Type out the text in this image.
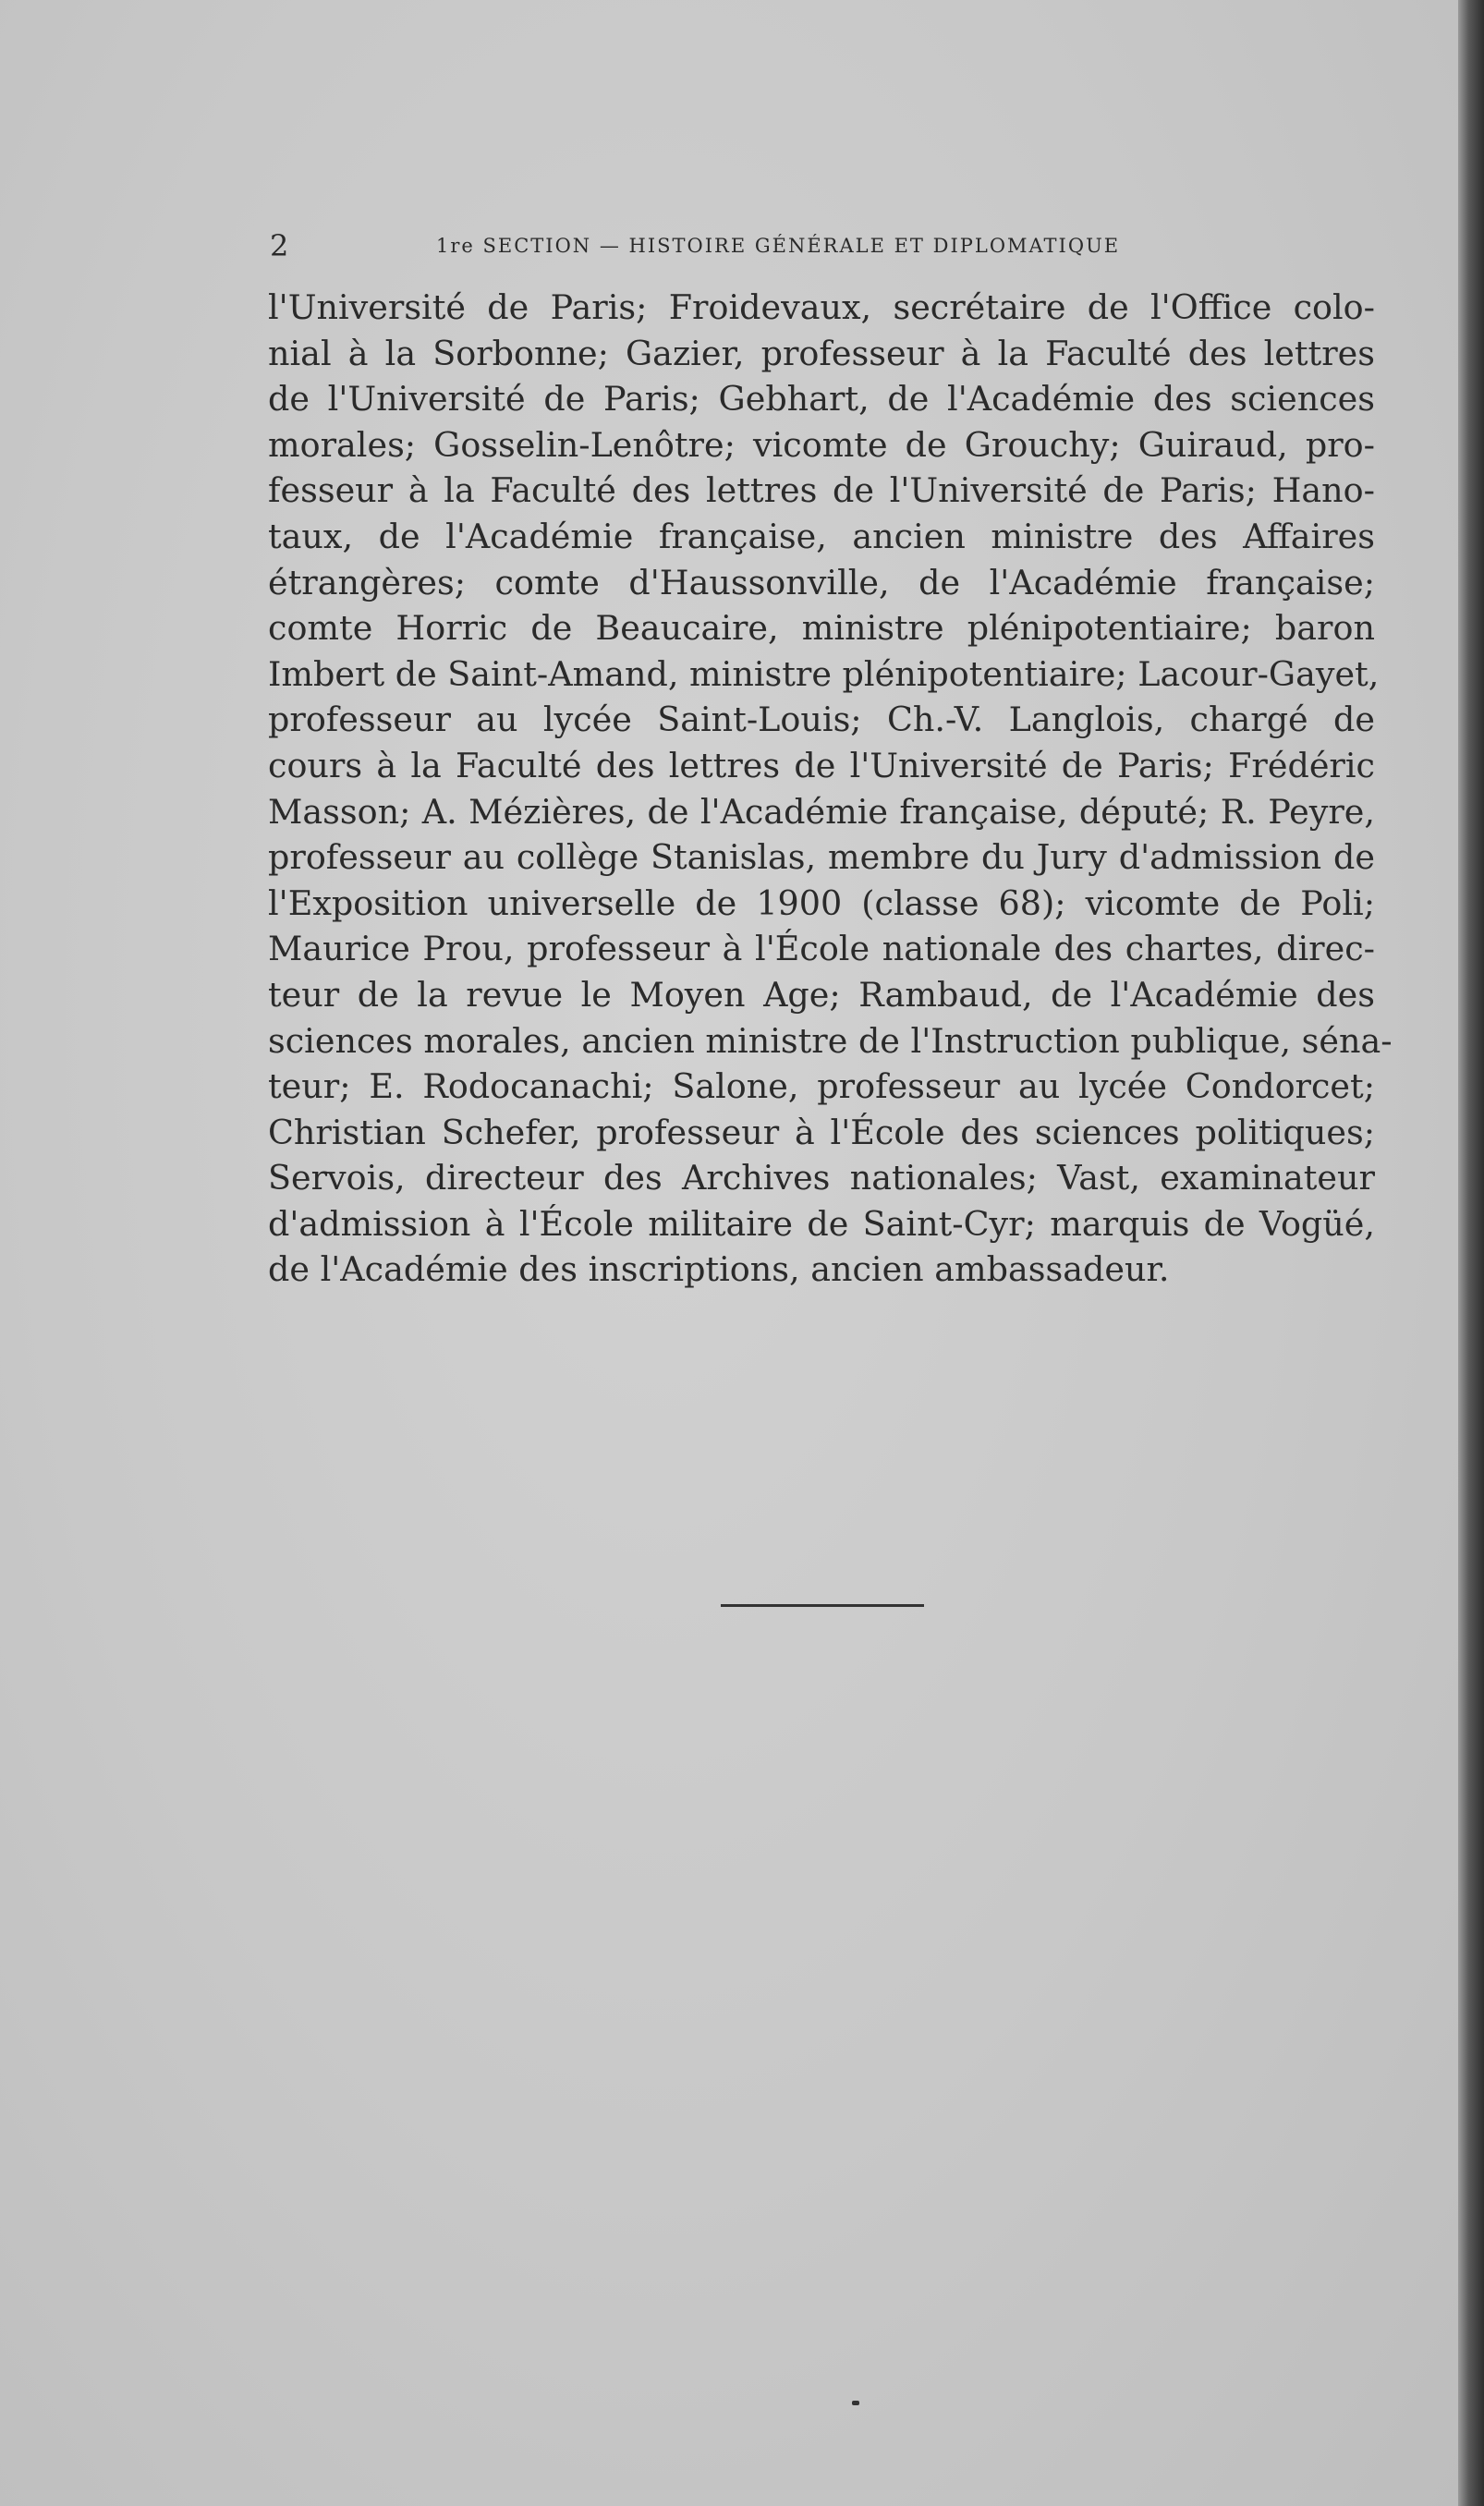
2	1re SECTION — HISTOIRE GÉNÉRALE ET DIPLOMATIQUE
l'Université de Paris; Froidevaux, secrétaire de l'Office colo-
nial à la Sorbonne; Gazier, professeur à la Faculté des lettres
de l'Université de Paris; Gebhart, de l'Académie des sciences
morales; Gosselin-Lenôtre; vicomte de Grouchy; Guiraud, pro-
fesseur à la Faculté des lettres de l'Université de Paris; Hano-
taux, de l'Académie française, ancien ministre des Affaires
étrangères; comte d'Haussonville, de l'Académie française;
comte Horric de Beaucaire, ministre plénipotentiaire; baron
Imbert de Saint-Amand, ministre plénipotentiaire; Lacour-Gayet,
professeur au lycée Saint-Louis; Ch.-V. Langlois, chargé de
cours à la Faculté des lettres de l'Université de Paris; Frédéric
Masson; A. Mézières, de l'Académie française, député; R. Peyre,
professeur au collège Stanislas, membre du Jury d'admission de
l'Exposition universelle de 1900 (classe 68); vicomte de Poli;
Maurice Prou, professeur à l'École nationale des chartes, direc-
teur de la revue le Moyen Age; Rambaud, de l'Académie des
sciences morales, ancien ministre de l'Instruction publique, séna-
teur; E. Rodocanachi; Salone, professeur au lycée Condorcet;
Christian Schefer, professeur à l'École des sciences politiques;
Servois, directeur des Archives nationales; Vast, examinateur
d'admission à l'École militaire de Saint-Cyr; marquis de Vogüé,
de l'Académie des inscriptions, ancien ambassadeur.
